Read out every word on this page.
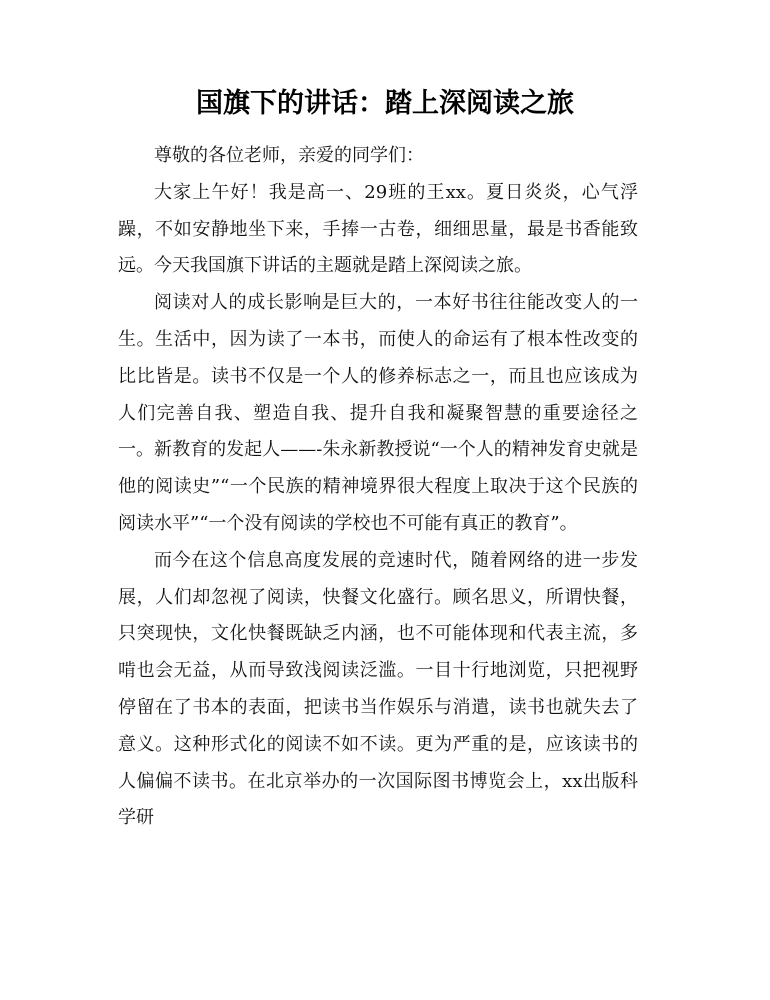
国旗下的讲话：踏上深阅读之旅

尊敬的各位老师，亲爱的同学们：

大家上午好！我是高一、29班的王xx。夏日炎炎，心气浮躁，不如安静地坐下来，手捧一古卷，细细思量，最是书香能致远。今天我国旗下讲话的主题就是踏上深阅读之旅。

阅读对人的成长影响是巨大的，一本好书往往能改变人的一生。生活中，因为读了一本书，而使人的命运有了根本性改变的比比皆是。读书不仅是一个人的修养标志之一，而且也应该成为人们完善自我、塑造自我、提升自我和凝聚智慧的重要途径之一。新教育的发起人——-朱永新教授说“一个人的精神发育史就是他的阅读史”“一个民族的精神境界很大程度上取决于这个民族的阅读水平”“一个没有阅读的学校也不可能有真正的教育”。

而今在这个信息高度发展的竞速时代，随着网络的进一步发展，人们却忽视了阅读，快餐文化盛行。顾名思义，所谓快餐，只突现快，文化快餐既缺乏内涵，也不可能体现和代表主流，多啃也会无益，从而导致浅阅读泛滥。一目十行地浏览，只把视野停留在了书本的表面，把读书当作娱乐与消遣，读书也就失去了意义。这种形式化的阅读不如不读。更为严重的是，应该读书的人偏偏不读书。在北京举办的一次国际图书博览会上，xx出版科学研
